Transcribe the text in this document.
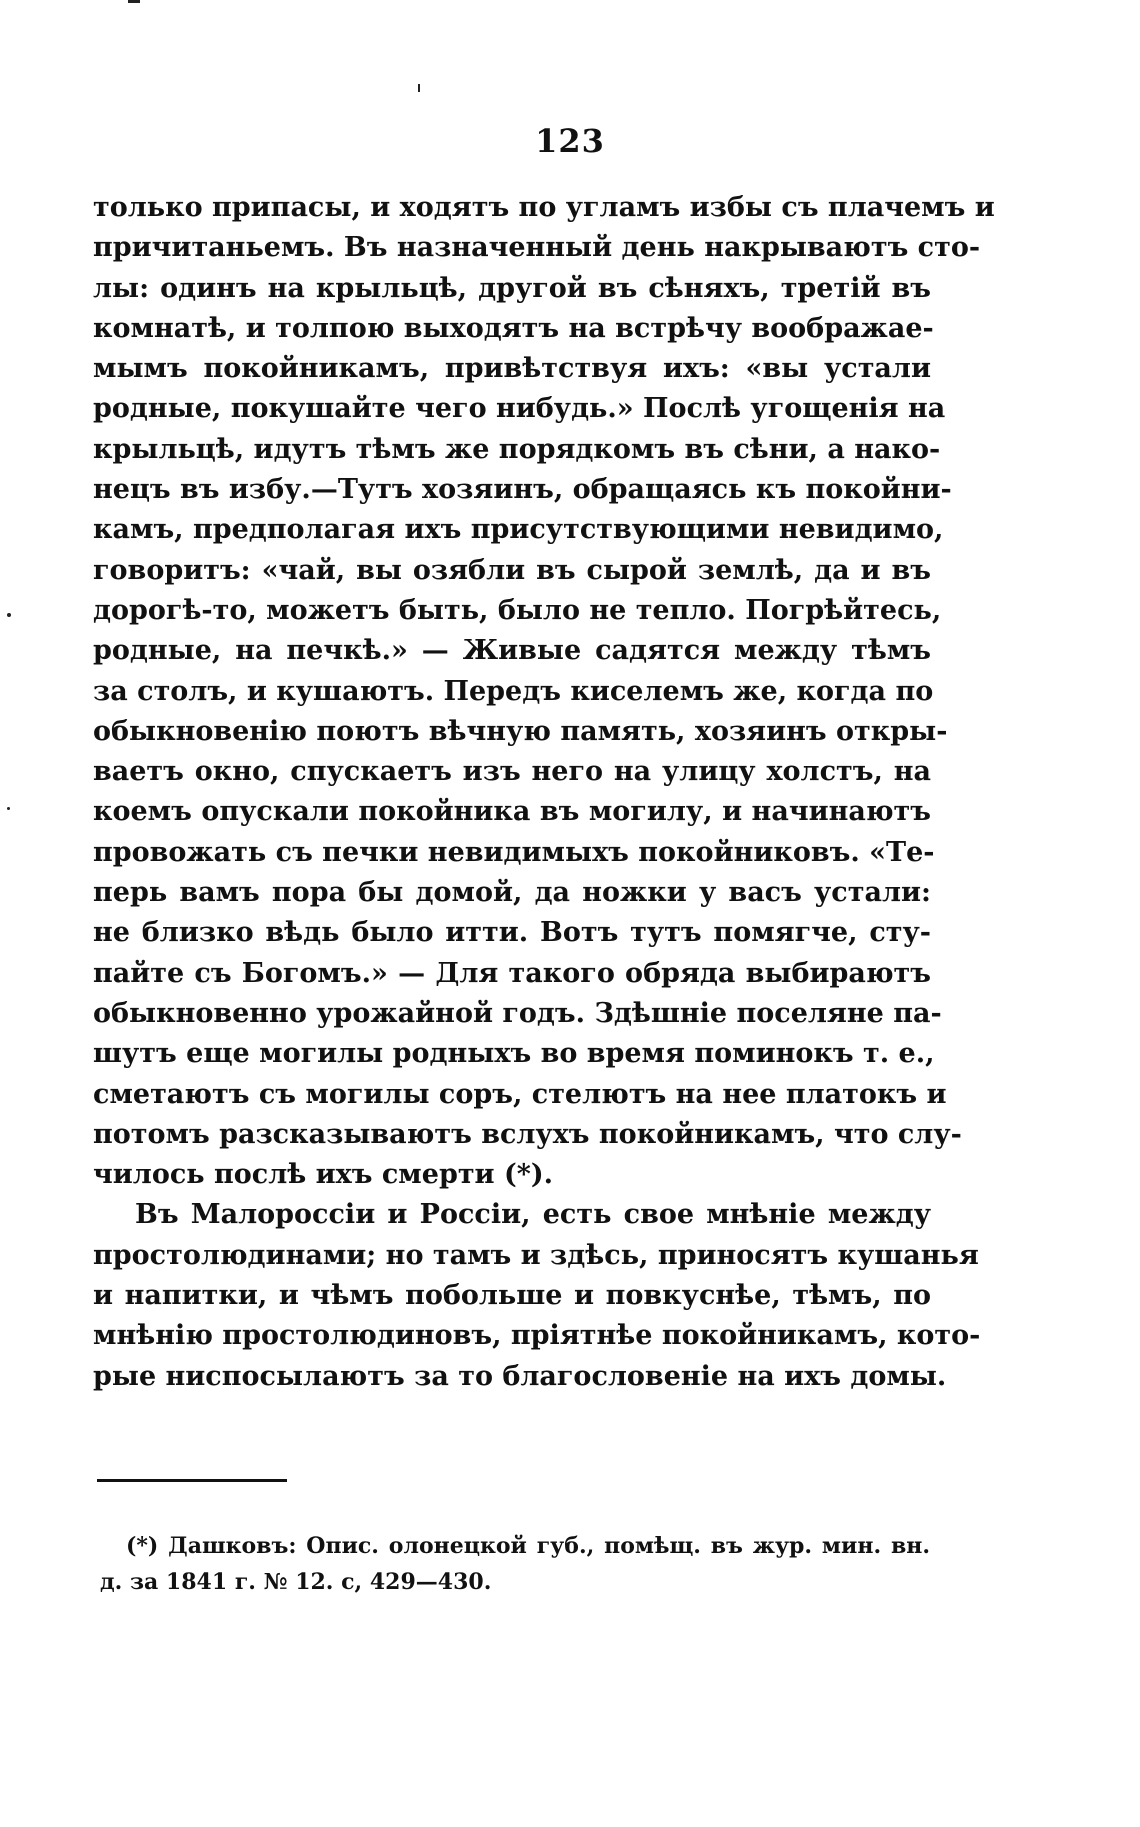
123
только припасы, и ходятъ по угламъ избы съ плачемъ и
причитаньемъ. Въ назначенный день накрываютъ сто-
лы: одинъ на крыльцѣ, другой въ сѣняхъ, третій въ
комнатѣ, и толпою выходятъ на встрѣчу воображае-
мымъ покойникамъ, привѣтствуя ихъ: «вы устали
родные, покушайте чего нибудь.» Послѣ угощенія на
крыльцѣ, идутъ тѣмъ же порядкомъ въ сѣни, а нако-
нецъ въ избу.—Тутъ хозяинъ, обращаясь къ покойни-
камъ, предполагая ихъ присутствующими невидимо,
говоритъ: «чай, вы озябли въ сырой землѣ, да и въ
дорогѣ-то, можетъ быть, было не тепло. Погрѣйтесь,
родные, на печкѣ.» — Живые садятся между тѣмъ
за столъ, и кушаютъ. Передъ киселемъ же, когда по
обыкновенію поютъ вѣчную память, хозяинъ откры-
ваетъ окно, спускаетъ изъ него на улицу холстъ, на
коемъ опускали покойника въ могилу, и начинаютъ
провожать съ печки невидимыхъ покойниковъ. «Те-
перь вамъ пора бы домой, да ножки у васъ устали:
не близко вѣдь было итти. Вотъ тутъ помягче, сту-
пайте съ Богомъ.» — Для такого обряда выбираютъ
обыкновенно урожайной годъ. Здѣшніе поселяне па-
шутъ еще могилы родныхъ во время поминокъ т. е.,
сметаютъ съ могилы соръ, стелютъ на нее платокъ и
потомъ разсказываютъ вслухъ покойникамъ, что слу-
чилось послѣ ихъ смерти (*).
Въ Малороссіи и Россіи, есть свое мнѣніе между
простолюдинами; но тамъ и здѣсь, приносятъ кушанья
и напитки, и чѣмъ побольше и повкуснѣе, тѣмъ, по
мнѣнію простолюдиновъ, пріятнѣе покойникамъ, кото-
рые ниспосылаютъ за то благословеніе на ихъ домы.
(*) Дашковъ: Опис. олонецкой губ., помѣщ. въ жур. мин. вн.
д. за 1841 г. № 12. с, 429—430.
